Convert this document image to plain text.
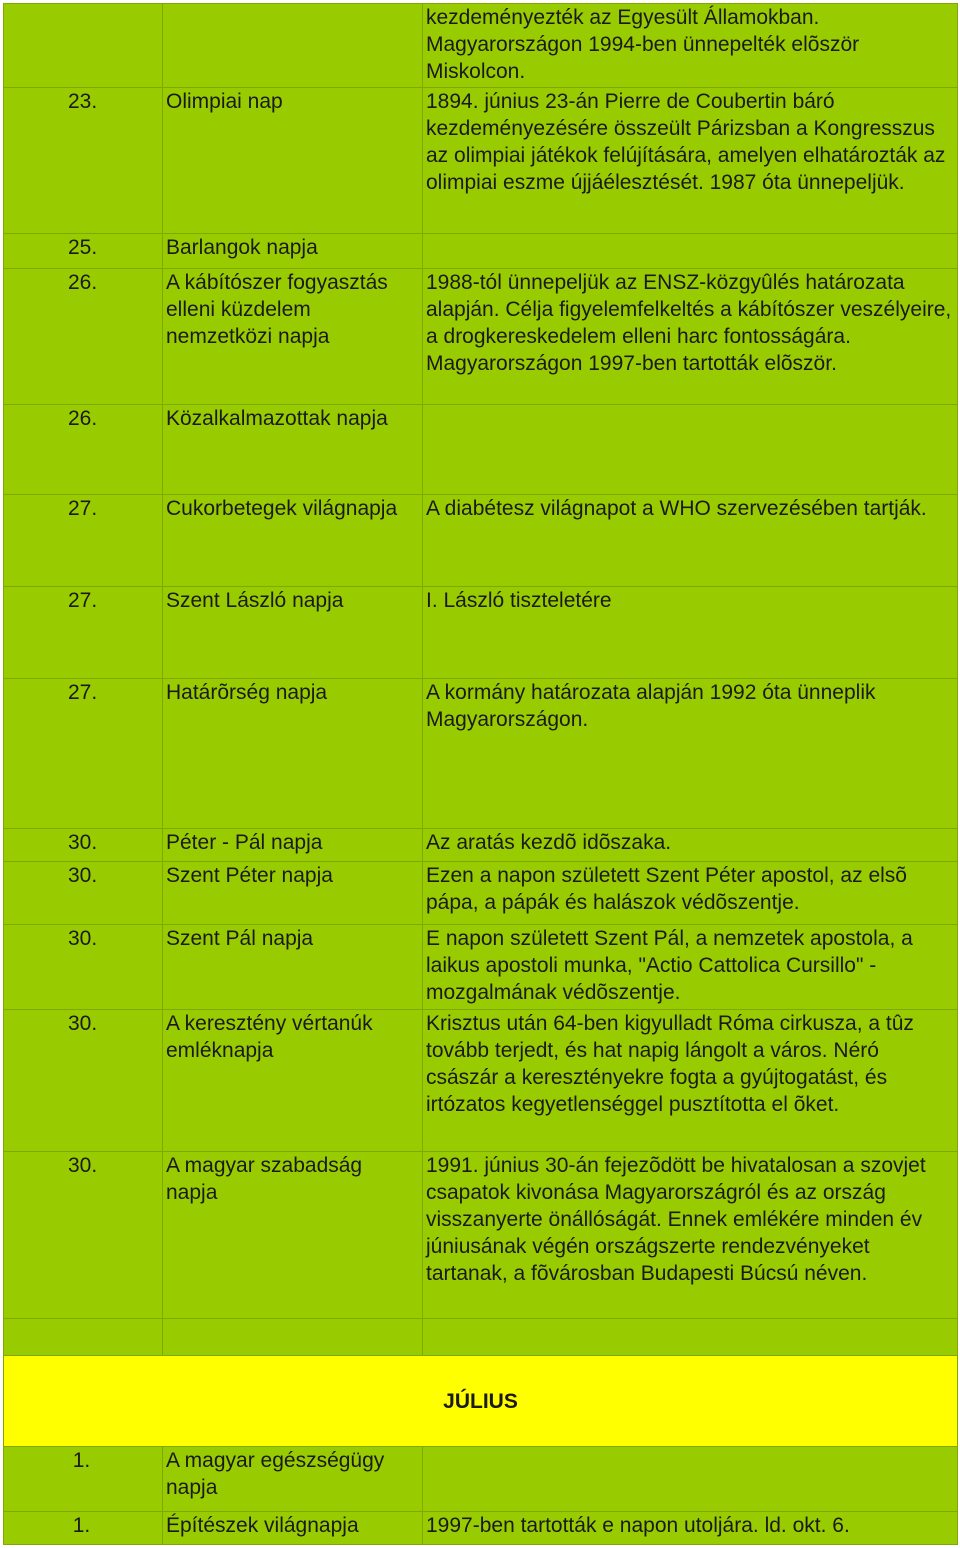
		kezdeményezték az Egyesült Államokban. Magyarországon 1994-ben ünnepelték elõször Miskolcon.
23.	Olimpiai nap	1894. június 23-án Pierre de Coubertin báró kezdeményezésére összeült Párizsban a Kongresszus az olimpiai játékok felújítására, amelyen elhatározták az olimpiai eszme újjáélesztését. 1987 óta ünnepeljük.
25.	Barlangok napja	
26.	A kábítószer fogyasztás elleni küzdelem nemzetközi napja	1988-tól ünnepeljük az ENSZ-közgyûlés határozata alapján. Célja figyelemfelkeltés a kábítószer veszélyeire, a drogkereskedelem elleni harc fontosságára. Magyarországon 1997-ben tartották elõször.
26.	Közalkalmazottak napja	
27.	Cukorbetegek világnapja	A diabétesz világnapot a WHO szervezésében tartják.
27.	Szent László napja	I. László tiszteletére
27.	Határõrség napja	A kormány határozata alapján 1992 óta ünneplik Magyarországon.
30.	Péter - Pál napja	Az aratás kezdõ idõszaka.
30.	Szent Péter napja	Ezen a napon született Szent Péter apostol, az elsõ pápa, a pápák és halászok védõszentje.
30.	Szent Pál napja	E napon született Szent Pál, a nemzetek apostola, a laikus apostoli munka, "Actio Cattolica Cursillo" - mozgalmának védõszentje.
30.	A keresztény vértanúk emléknapja	Krisztus után 64-ben kigyulladt Róma cirkusza, a tûz tovább terjedt, és hat napig lángolt a város. Néró császár a keresztényekre fogta a gyújtogatást, és irtózatos kegyetlenséggel pusztította el õket.
30.	A magyar szabadság napja	1991. június 30-án fejezõdött be hivatalosan a szovjet csapatok kivonása Magyarországról és az ország visszanyerte önállóságát. Ennek emlékére minden év júniusának végén országszerte rendezvényeket tartanak, a fõvárosban Budapesti Búcsú néven.

JÚLIUS		
1.	A magyar egészségügy napja	
1.	Építészek világnapja	1997-ben tartották e napon utoljára. ld. okt. 6.
